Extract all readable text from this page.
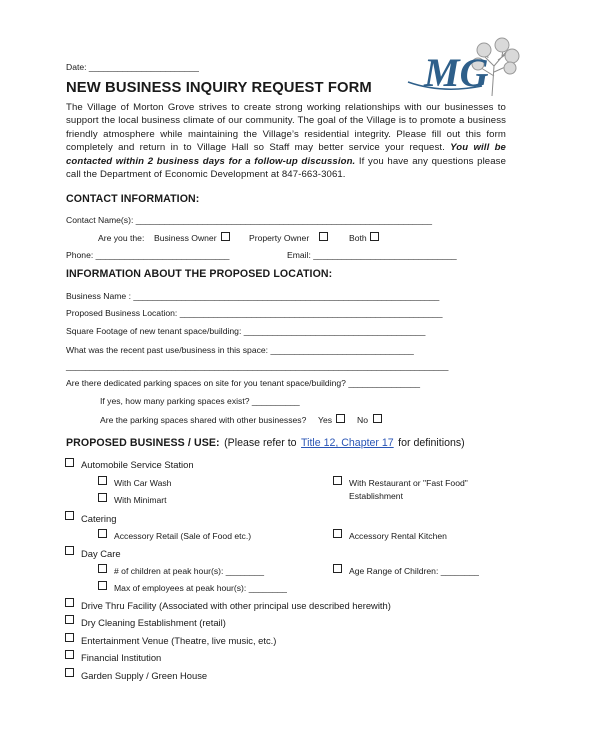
Date: _______________________	MG
NEW BUSINESS INQUIRY REQUEST FORM
The Village of Morton Grove strives to create strong working relationships with our businesses to support the local business climate of our community. The goal of the Village is to promote a business friendly atmosphere while maintaining the Village’s residential integrity. Please fill out this form completely and return in to Village Hall so Staff may better service your request. You will be contacted within 2 business days for a follow-up discussion. If you have any questions please call the Department of Economic Development at 847-663-3061.
CONTACT INFORMATION:
Contact Name(s): ______________________________________________________________
Are you the: Business Owner	Property Owner	Both
Phone: ____________________________	Email: ______________________________
INFORMATION ABOUT THE PROPOSED LOCATION:
Business Name : ________________________________________________________________
Proposed Business Location: _______________________________________________________
Square Footage of new tenant space/building: ______________________________________
What was the recent past use/business in this space: ______________________________
________________________________________________________________________________
Are there dedicated parking spaces on site for you tenant space/building? _______________
If yes, how many parking spaces exist? __________
Are the parking spaces shared with other businesses? Yes	No
PROPOSED BUSINESS / USE: (Please refer to Title 12, Chapter 17 for definitions)
Automobile Service Station
With Car Wash
With Minimart
With Restaurant or "Fast Food"
Establishment
Catering
Accessory Retail (Sale of Food etc.)	Accessory Rental Kitchen
Day Care
# of children at peak hour(s): ________	Age Range of Children: ________
Max of employees at peak hour(s): ________
Drive Thru Facility (Associated with other principal use described herewith)
Dry Cleaning Establishment (retail)
Entertainment Venue (Theatre, live music, etc.)
Financial Institution
Garden Supply / Green House
